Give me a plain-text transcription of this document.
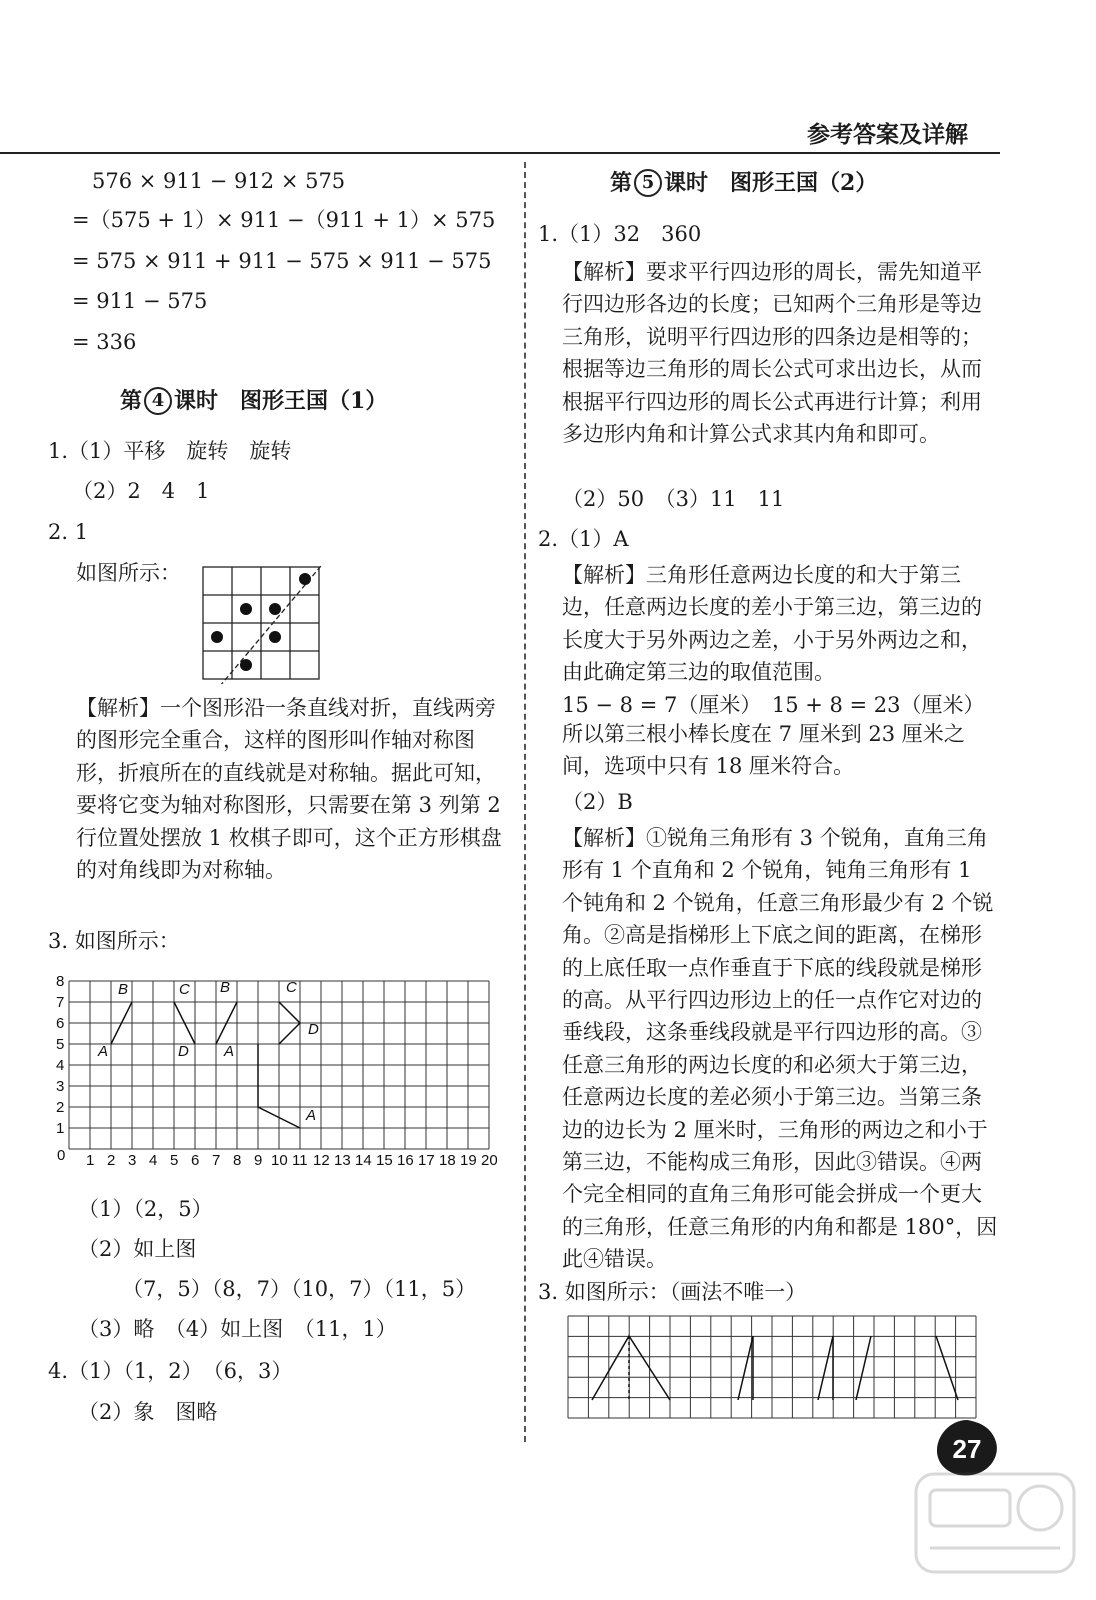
参考答案及详解
576 × 911 − 912 × 575
=（575 + 1）× 911 −（911 + 1）× 575
= 575 × 911 + 911 − 575 × 911 − 575
= 911 − 575
= 336
第 4 课时　图形王国（1）
1.（1）平移　旋转　旋转
（2）2　4　1
2. 1
如图所示：
【解析】一个图形沿一条直线对折，直线两旁的图形完全重合，这样的图形叫作轴对称图形，折痕所在的直线就是对称轴。据此可知，要将它变为轴对称图形，只需要在第 3 列第 2 行位置处摆放 1 枚棋子即可，这个正方形棋盘的对角线即为对称轴。
3. 如图所示：
0 1 2 3 4 5 6 7 8 9 10 11 12 13 14 15 16 17 18 19 20
1
2
3
4
5
6
7
8	B	C B	C
A	D A
D
A
（1）（2，5）
（2）如上图
（7，5）（8，7）（10，7）（11，5）
（3）略　（4）如上图　（11，1）
4.（1）（1，2）　（6，3）
（2）象　图略
第 5 课时　图形王国（2）
1.（1）32　360
【解析】要求平行四边形的周长，需先知道平行四边形各边的长度；已知两个三角形是等边三角形，说明平行四边形的四条边是相等的；根据等边三角形的周长公式可求出边长，从而根据平行四边形的周长公式再进行计算；利用多边形内角和计算公式求其内角和即可。
（2）50　（3）11　11
2.（1）A
【解析】三角形任意两边长度的和大于第三边，任意两边长度的差小于第三边，第三边的长度大于另外两边之差，小于另外两边之和，由此确定第三边的取值范围。
15 − 8 = 7（厘米）　15 + 8 = 23（厘米）
所以第三根小棒长度在 7 厘米到 23 厘米之间，选项中只有 18 厘米符合。
（2）B
【解析】①锐角三角形有 3 个锐角，直角三角形有 1 个直角和 2 个锐角，钝角三角形有 1 个钝角和 2 个锐角，任意三角形最少有 2 个锐角。②高是指梯形上下底之间的距离，在梯形的上底任取一点作垂直于下底的线段就是梯形的高。从平行四边形边上的任一点作它对边的垂线段，这条垂线段就是平行四边形的高。③任意三角形的两边长度的和必须大于第三边，任意两边长度的差必须小于第三边。当第三条边的边长为 2 厘米时，三角形的两边之和小于第三边，不能构成三角形，因此③错误。④两个完全相同的直角三角形可能会拼成一个更大的三角形，任意三角形的内角和都是 180°，因此④错误。
3. 如图所示：（画法不唯一）
27
